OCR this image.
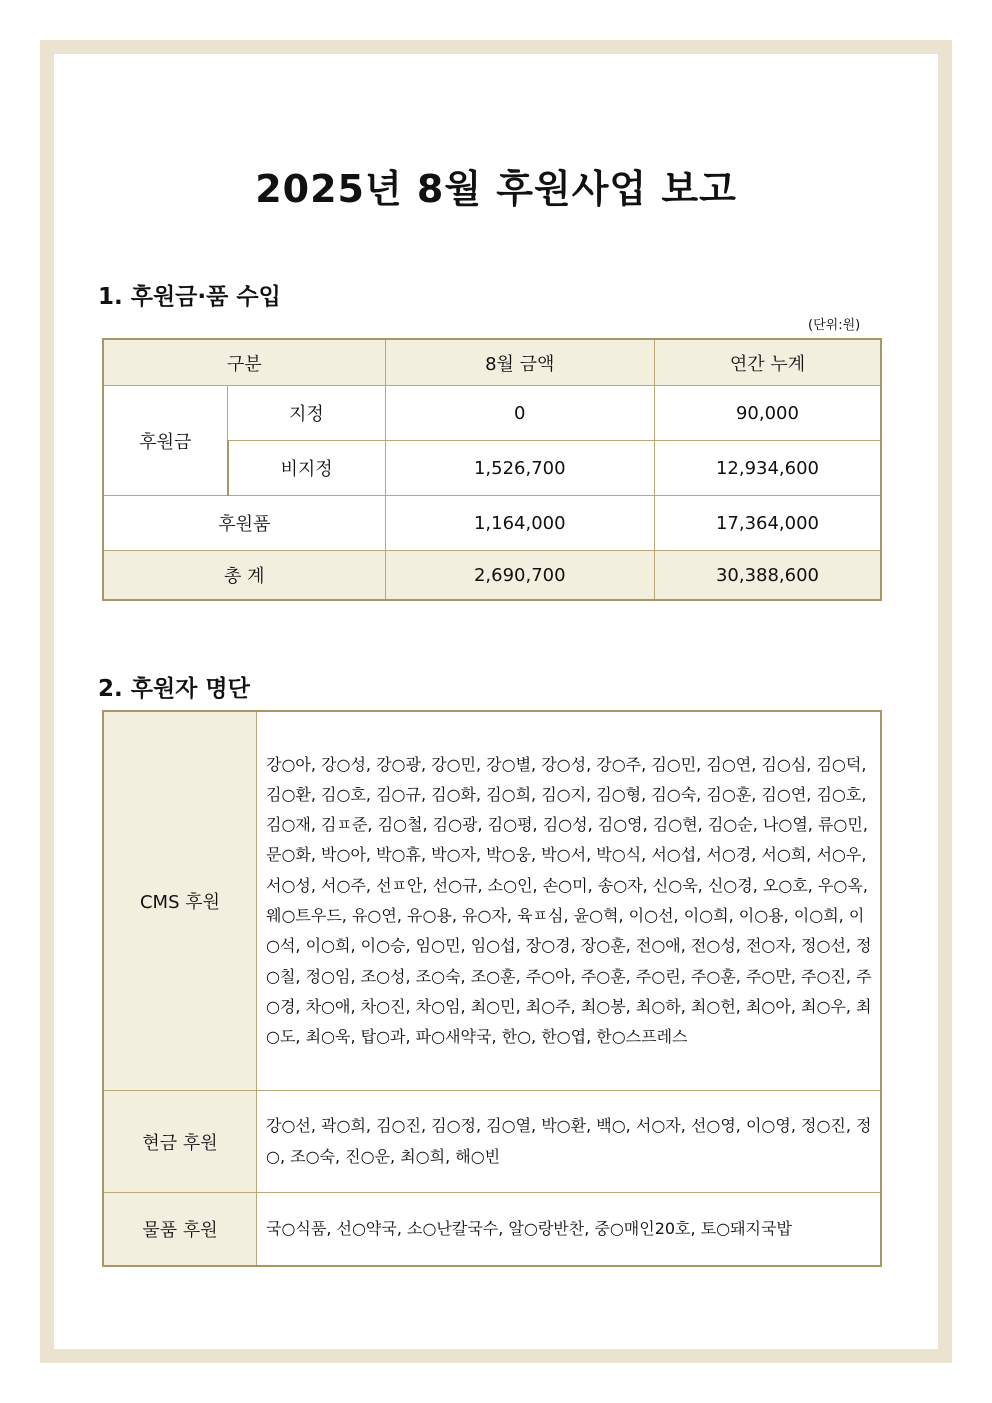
2025년 8월 후원사업 보고
1. 후원금·품 수입
(단위:원)
구분		8월 금액	연간 누계
후원금	지정	0	90,000
	비지정	1,526,700	12,934,600
후원품		1,164,000	17,364,000
총 계		2,690,700	30,388,600
2. 후원자 명단
CMS 후원	강○아, 강○성, 강○광, 강○민, 강○별, 강○성, 강○주, 김○민, 김○연, 김○심, 김○덕, 김○환, 김○호, 김○규, 김○화, 김○희, 김○지, 김○형, 김○숙, 김○훈, 김○연, 김○호, 김○재, 김ㅍ준, 김○철, 김○광, 김○평, 김○성, 김○영, 김○현, 김○순, 나○열, 류○민, 문○화, 박○아, 박○휴, 박○자, 박○웅, 박○서, 박○식, 서○섭, 서○경, 서○희, 서○우, 서○성, 서○주, 선ㅍ안, 선○규, 소○인, 손○미, 송○자, 신○욱, 신○경, 오○호, 우○옥, 웨○트우드, 유○연, 유○용, 유○자, 육ㅍ심, 윤○혁, 이○선, 이○희, 이○용, 이○희, 이○석, 이○희, 이○승, 임○민, 임○섭, 장○경, 장○훈, 전○애, 전○성, 전○자, 정○선, 정○칠, 정○임, 조○성, 조○숙, 조○훈, 주○아, 주○훈, 주○린, 주○훈, 주○만, 주○진, 주○경, 차○애, 차○진, 차○임, 최○민, 최○주, 최○봉, 최○하, 최○헌, 최○아, 최○우, 최○도, 최○욱, 탑○과, 파○새약국, 한○, 한○엽, 한○스프레스
현금 후원	강○선, 곽○희, 김○진, 김○정, 김○열, 박○환, 백○, 서○자, 선○영, 이○영, 정○진, 정○, 조○숙, 진○운, 최○희, 해○빈
물품 후원	국○식품, 선○약국, 소○난칼국수, 알○랑반찬, 중○매인20호, 토○돼지국밥
